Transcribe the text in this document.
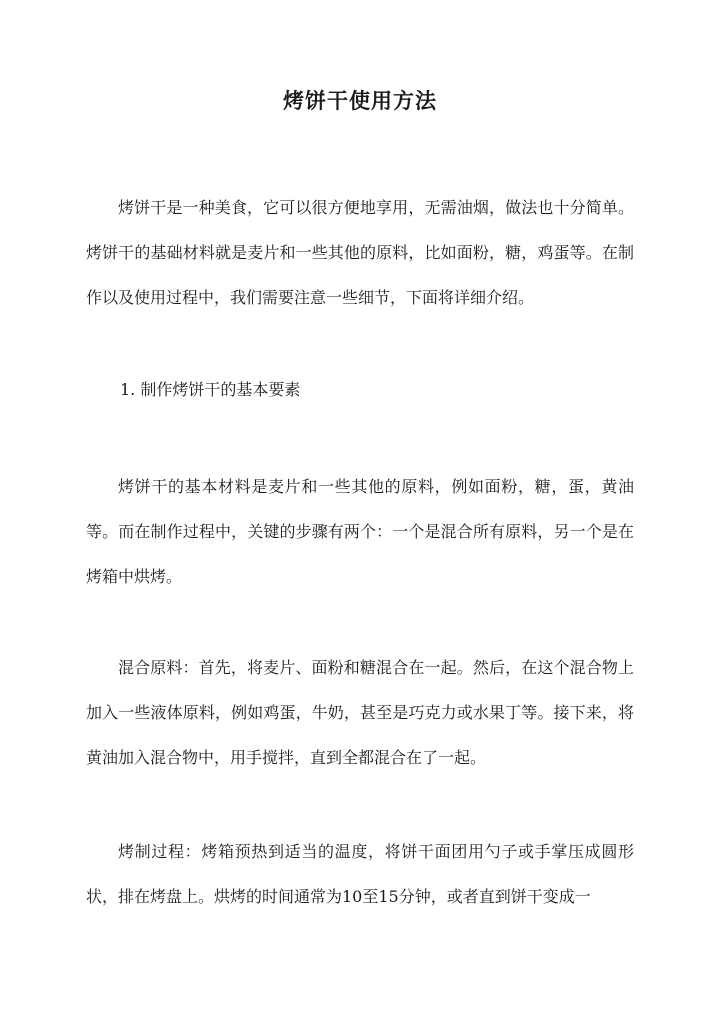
烤饼干使用方法

烤饼干是一种美食，它可以很方便地享用，无需油烟，做法也十分简单。烤饼干的基础材料就是麦片和一些其他的原料，比如面粉，糖，鸡蛋等。在制作以及使用过程中，我们需要注意一些细节，下面将详细介绍。

1. 制作烤饼干的基本要素

烤饼干的基本材料是麦片和一些其他的原料，例如面粉，糖，蛋，黄油等。而在制作过程中，关键的步骤有两个：一个是混合所有原料，另一个是在烤箱中烘烤。

混合原料：首先，将麦片、面粉和糖混合在一起。然后，在这个混合物上加入一些液体原料，例如鸡蛋，牛奶，甚至是巧克力或水果丁等。接下来，将黄油加入混合物中，用手搅拌，直到全都混合在了一起。

烤制过程：烤箱预热到适当的温度，将饼干面团用勺子或手掌压成圆形状，排在烤盘上。烘烤的时间通常为10至15分钟，或者直到饼干变成一
